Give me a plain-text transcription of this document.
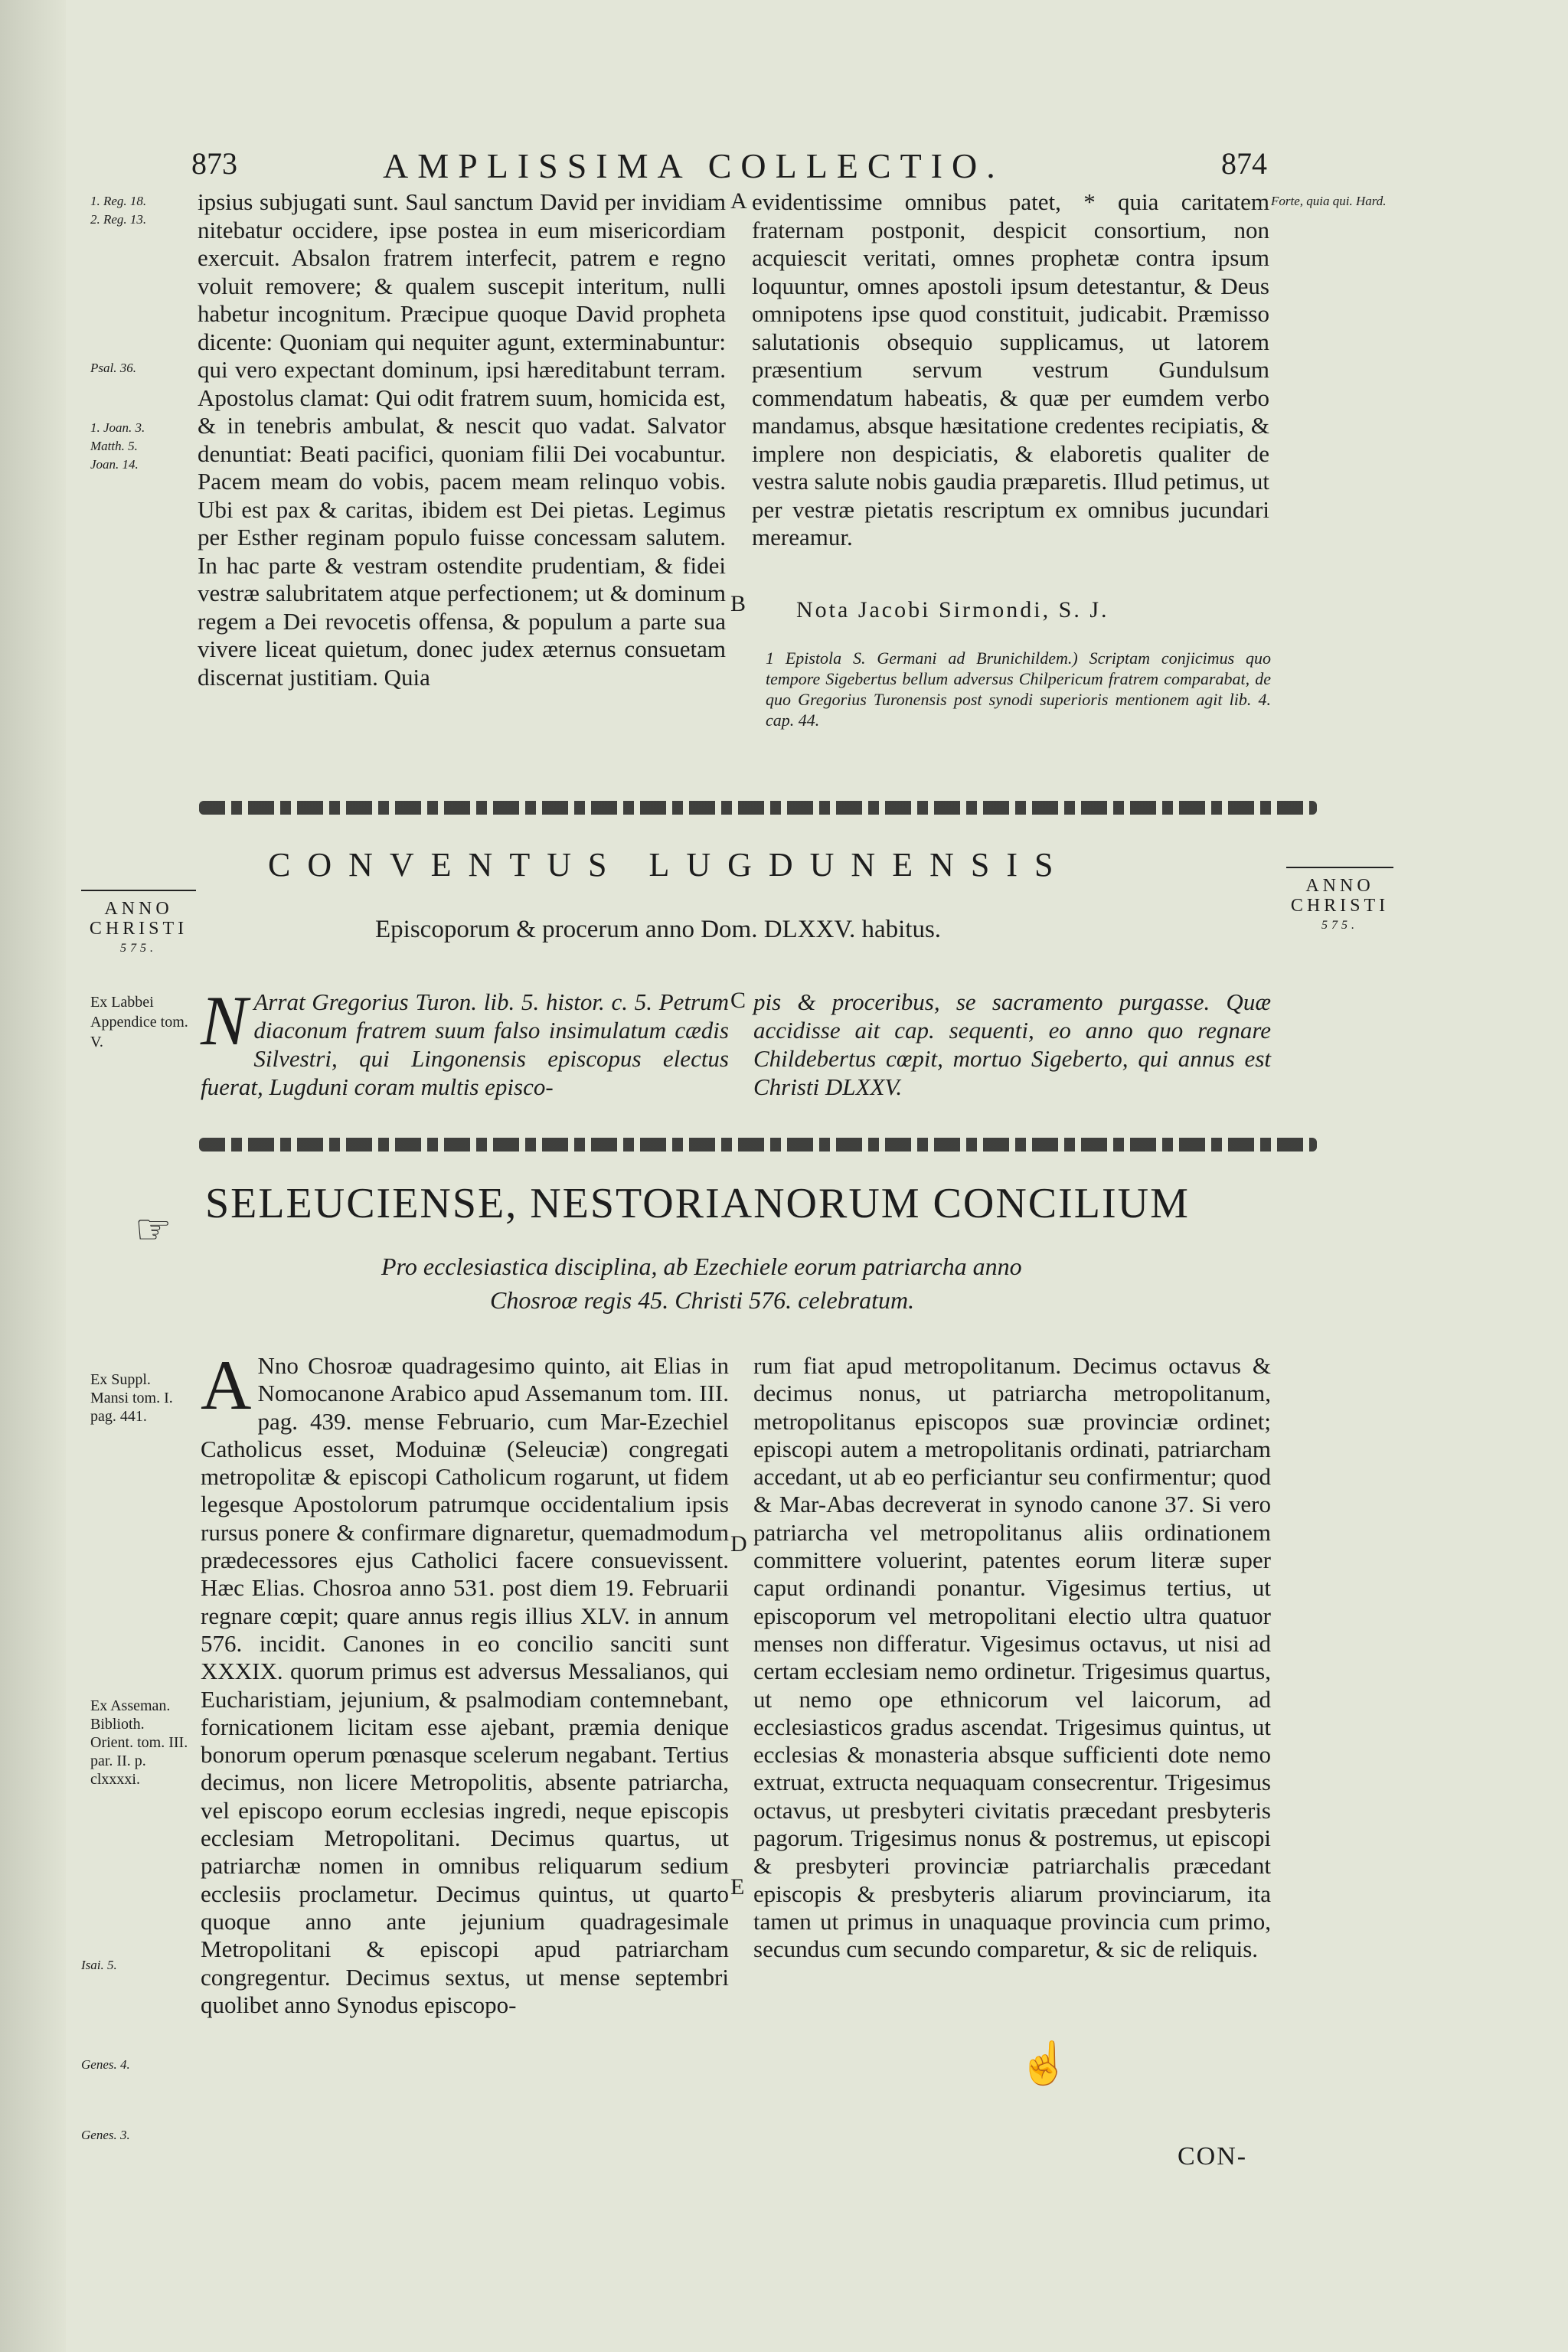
873	AMPLISSIMA COLLECTIO.	874
1. Reg. 18.
2. Reg. 13.
Psal. 36.
1. Joan. 3.
Matth. 5.
Joan. 14.
Forte, quia qui. Hard.
ipsius subjugati sunt. Saul sanctum David per invidiam nitebatur occidere, ipse postea in eum misericordiam exercuit. Absalon fratrem interfecit, patrem e regno voluit removere; & qualem suscepit interitum, nulli habetur incognitum. Præcipue quoque David propheta dicente: Quoniam qui nequiter agunt, exterminabuntur: qui vero expectant dominum, ipsi hæreditabunt terram. Apostolus clamat: Qui odit fratrem suum, homicida est, & in tenebris ambulat, & nescit quo vadat. Salvator denuntiat: Beati pacifici, quoniam filii Dei vocabuntur. Pacem meam do vobis, pacem meam relinquo vobis. Ubi est pax & caritas, ibidem est Dei pietas. Legimus per Esther reginam populo fuisse concessam salutem. In hac parte & vestram ostendite prudentiam, & fidei vestræ salubritatem atque perfectionem; ut & dominum regem a Dei revocetis offensa, & populum a parte sua vivere liceat quietum, donec judex æternus consuetam discernat justitiam. Quia
A evidentissime omnibus patet, * quia caritatem fraternam postponit, despicit consortium, non acquiescit veritati, omnes prophetæ contra ipsum loquuntur, omnes apostoli ipsum detestantur, & Deus omnipotens ipse quod constituit, judicabit. Præmisso salutationis obsequio supplicamus, ut latorem præsentium servum vestrum Gundulsum commendatum habeatis, & quæ per eumdem verbo mandamus, absque hæsitatione credentes recipiatis, & implere non despiciatis, & elaboretis qualiter de vestra salute nobis gaudia præparetis. Illud petimus, ut per vestræ pietatis rescriptum ex omnibus jucundari mereamur.
B Nota Jacobi Sirmondi, S. J.
1 Epistola S. Germani ad Brunichildem.) Scriptam conjicimus quo tempore Sigebertus bellum adversus Chilpericum fratrem comparabat, de quo Gregorius Turonensis post synodi superioris mentionem agit lib. 4. cap. 44.
CONVENTUS LUGDUNENSIS
Episcoporum & procerum anno Dom. DLXXV. habitus.
ANNO
CHRISTI
575.
ANNO
CHRISTI
575.
Ex Labbei Appendice tom. V.	N Arrat Gregorius Turon. lib. 5. histor. c. 5. Petrum diaconum fratrem suum falso insimulatum cædis Silvestri, qui Lingonensis episcopus electus fuerat, Lugduni coram multis episco-
C pis & proceribus, se sacramento purgasse. Quæ accidisse ait cap. sequenti, eo anno quo regnare Childebertus cœpit, mortuo Sigeberto, qui annus est Christi DLXXV.
☞
SELEUCIENSE, NESTORIANORUM CONCILIUM
Pro ecclesiastica disciplina, ab Ezechiele eorum patriarcha anno
Chosroæ regis 45. Christi 576. celebratum.
Ex Suppl. Mansi tom. I. pag. 441.
Ex Asseman. Biblioth. Orient. tom. III. par. II. p. clxxxxi.
A Nno Chosroæ quadragesimo quinto, ait Elias in Nomocanone Arabico apud Assemanum tom. III. pag. 439. mense Februario, cum Mar-Ezechiel Catholicus esset, Moduinæ (Seleuciæ) congregati metropolitæ & episcopi Catholicum rogarunt, ut fidem legesque Apostolorum patrumque occidentalium ipsis rursus ponere & confirmare dignaretur, quemadmodum prædecessores ejus Catholici facere consuevissent. Hæc Elias. Chosroa anno 531. post diem 19. Februarii regnare cœpit; quare annus regis illius XLV. in annum 576. incidit. Canones in eo concilio sanciti sunt XXXIX. quorum primus est adversus Messalianos, qui Eucharistiam, jejunium, & psalmodiam contemnebant, fornicationem licitam esse ajebant, præmia denique bonorum operum pœnasque scelerum negabant. Tertius decimus, non licere Metropolitis, absente patriarcha, vel episcopo eorum ecclesias ingredi, neque episcopis ecclesiam Metropolitani. Decimus quartus, ut patriarchæ nomen in omnibus reliquarum sedium ecclesiis proclametur. Decimus quintus, ut quarto quoque anno ante jejunium quadragesimale Metropolitani & episcopi apud patriarcham congregentur. Decimus sextus, ut mense septembri quolibet anno Synodus episcopo-
D
E
rum fiat apud metropolitanum. Decimus octavus & decimus nonus, ut patriarcha metropolitanum, metropolitanus episcopos suæ provinciæ ordinet; episcopi autem a metropolitanis ordinati, patriarcham accedant, ut ab eo perficiantur seu confirmentur; quod & Mar-Abas decreverat in synodo canone 37. Si vero patriarcha vel metropolitanus aliis ordinationem committere voluerint, patentes eorum literæ super caput ordinandi ponantur. Vigesimus tertius, ut episcoporum vel metropolitani electio ultra quatuor menses non differatur. Vigesimus octavus, ut nisi ad certam ecclesiam nemo ordinetur. Trigesimus quartus, ut nemo ope ethnicorum vel laicorum, ad ecclesiasticos gradus ascendat. Trigesimus quintus, ut ecclesias & monasteria absque sufficienti dote nemo extruat, extructa nequaquam consecrentur. Trigesimus octavus, ut presbyteri civitatis præcedant presbyteris pagorum. Trigesimus nonus & postremus, ut episcopi & presbyteri provinciæ patriarchalis præcedant episcopis & presbyteris aliarum provinciarum, ita tamen ut primus in unaquaque provincia cum primo, secundus cum secundo comparetur, & sic de reliquis.
☝
Isai. 5.
Genes. 4.
Genes. 3.
CON-
